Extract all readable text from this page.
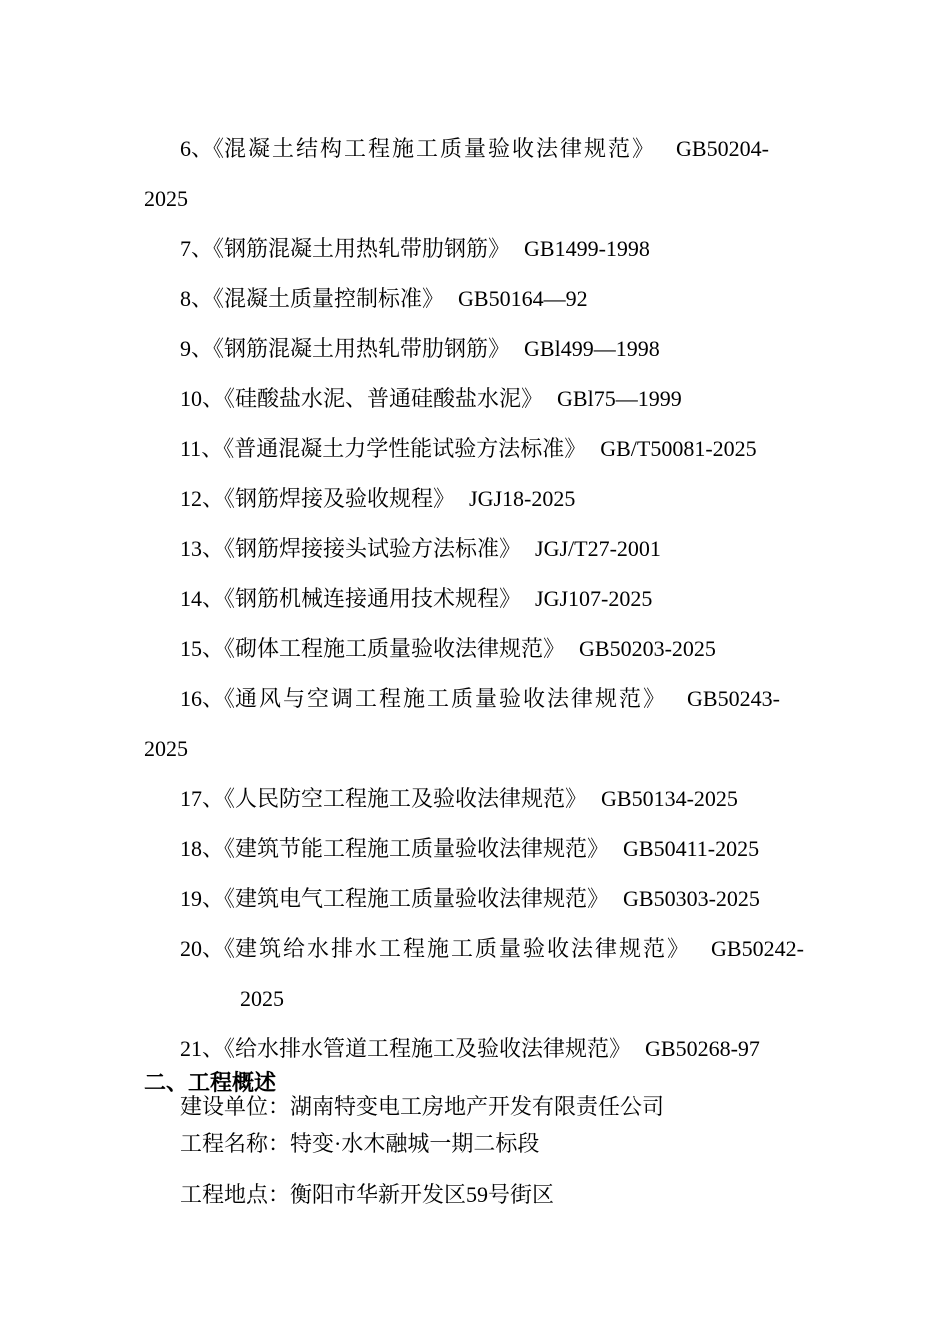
6、《混凝土结构工程施工质量验收法律规范》 GB50204-
2025
7、《钢筋混凝土用热轧带肋钢筋》 GB1499-1998
8、《混凝土质量控制标准》 GB50164—92
9、《钢筋混凝土用热轧带肋钢筋》 GBl499—1998
10、《硅酸盐水泥、普通硅酸盐水泥》 GBl75—1999
11、《普通混凝土力学性能试验方法标准》 GB/T50081-2025
12、《钢筋焊接及验收规程》 JGJ18-2025
13、《钢筋焊接接头试验方法标准》 JGJ/T27-2001
14、《钢筋机械连接通用技术规程》 JGJ107-2025
15、《砌体工程施工质量验收法律规范》 GB50203-2025
16、《通风与空调工程施工质量验收法律规范》 GB50243-
2025
17、《人民防空工程施工及验收法律规范》 GB50134-2025
18、《建筑节能工程施工质量验收法律规范》 GB50411-2025
19、《建筑电气工程施工质量验收法律规范》 GB50303-2025
20、《建筑给水排水工程施工质量验收法律规范》 GB50242-
2025
21、《给水排水管道工程施工及验收法律规范》 GB50268-97
二、工程概述
建设单位：湖南特变电工房地产开发有限责任公司
工程名称：特变·水木融城一期二标段
工程地点：衡阳市华新开发区59号街区
